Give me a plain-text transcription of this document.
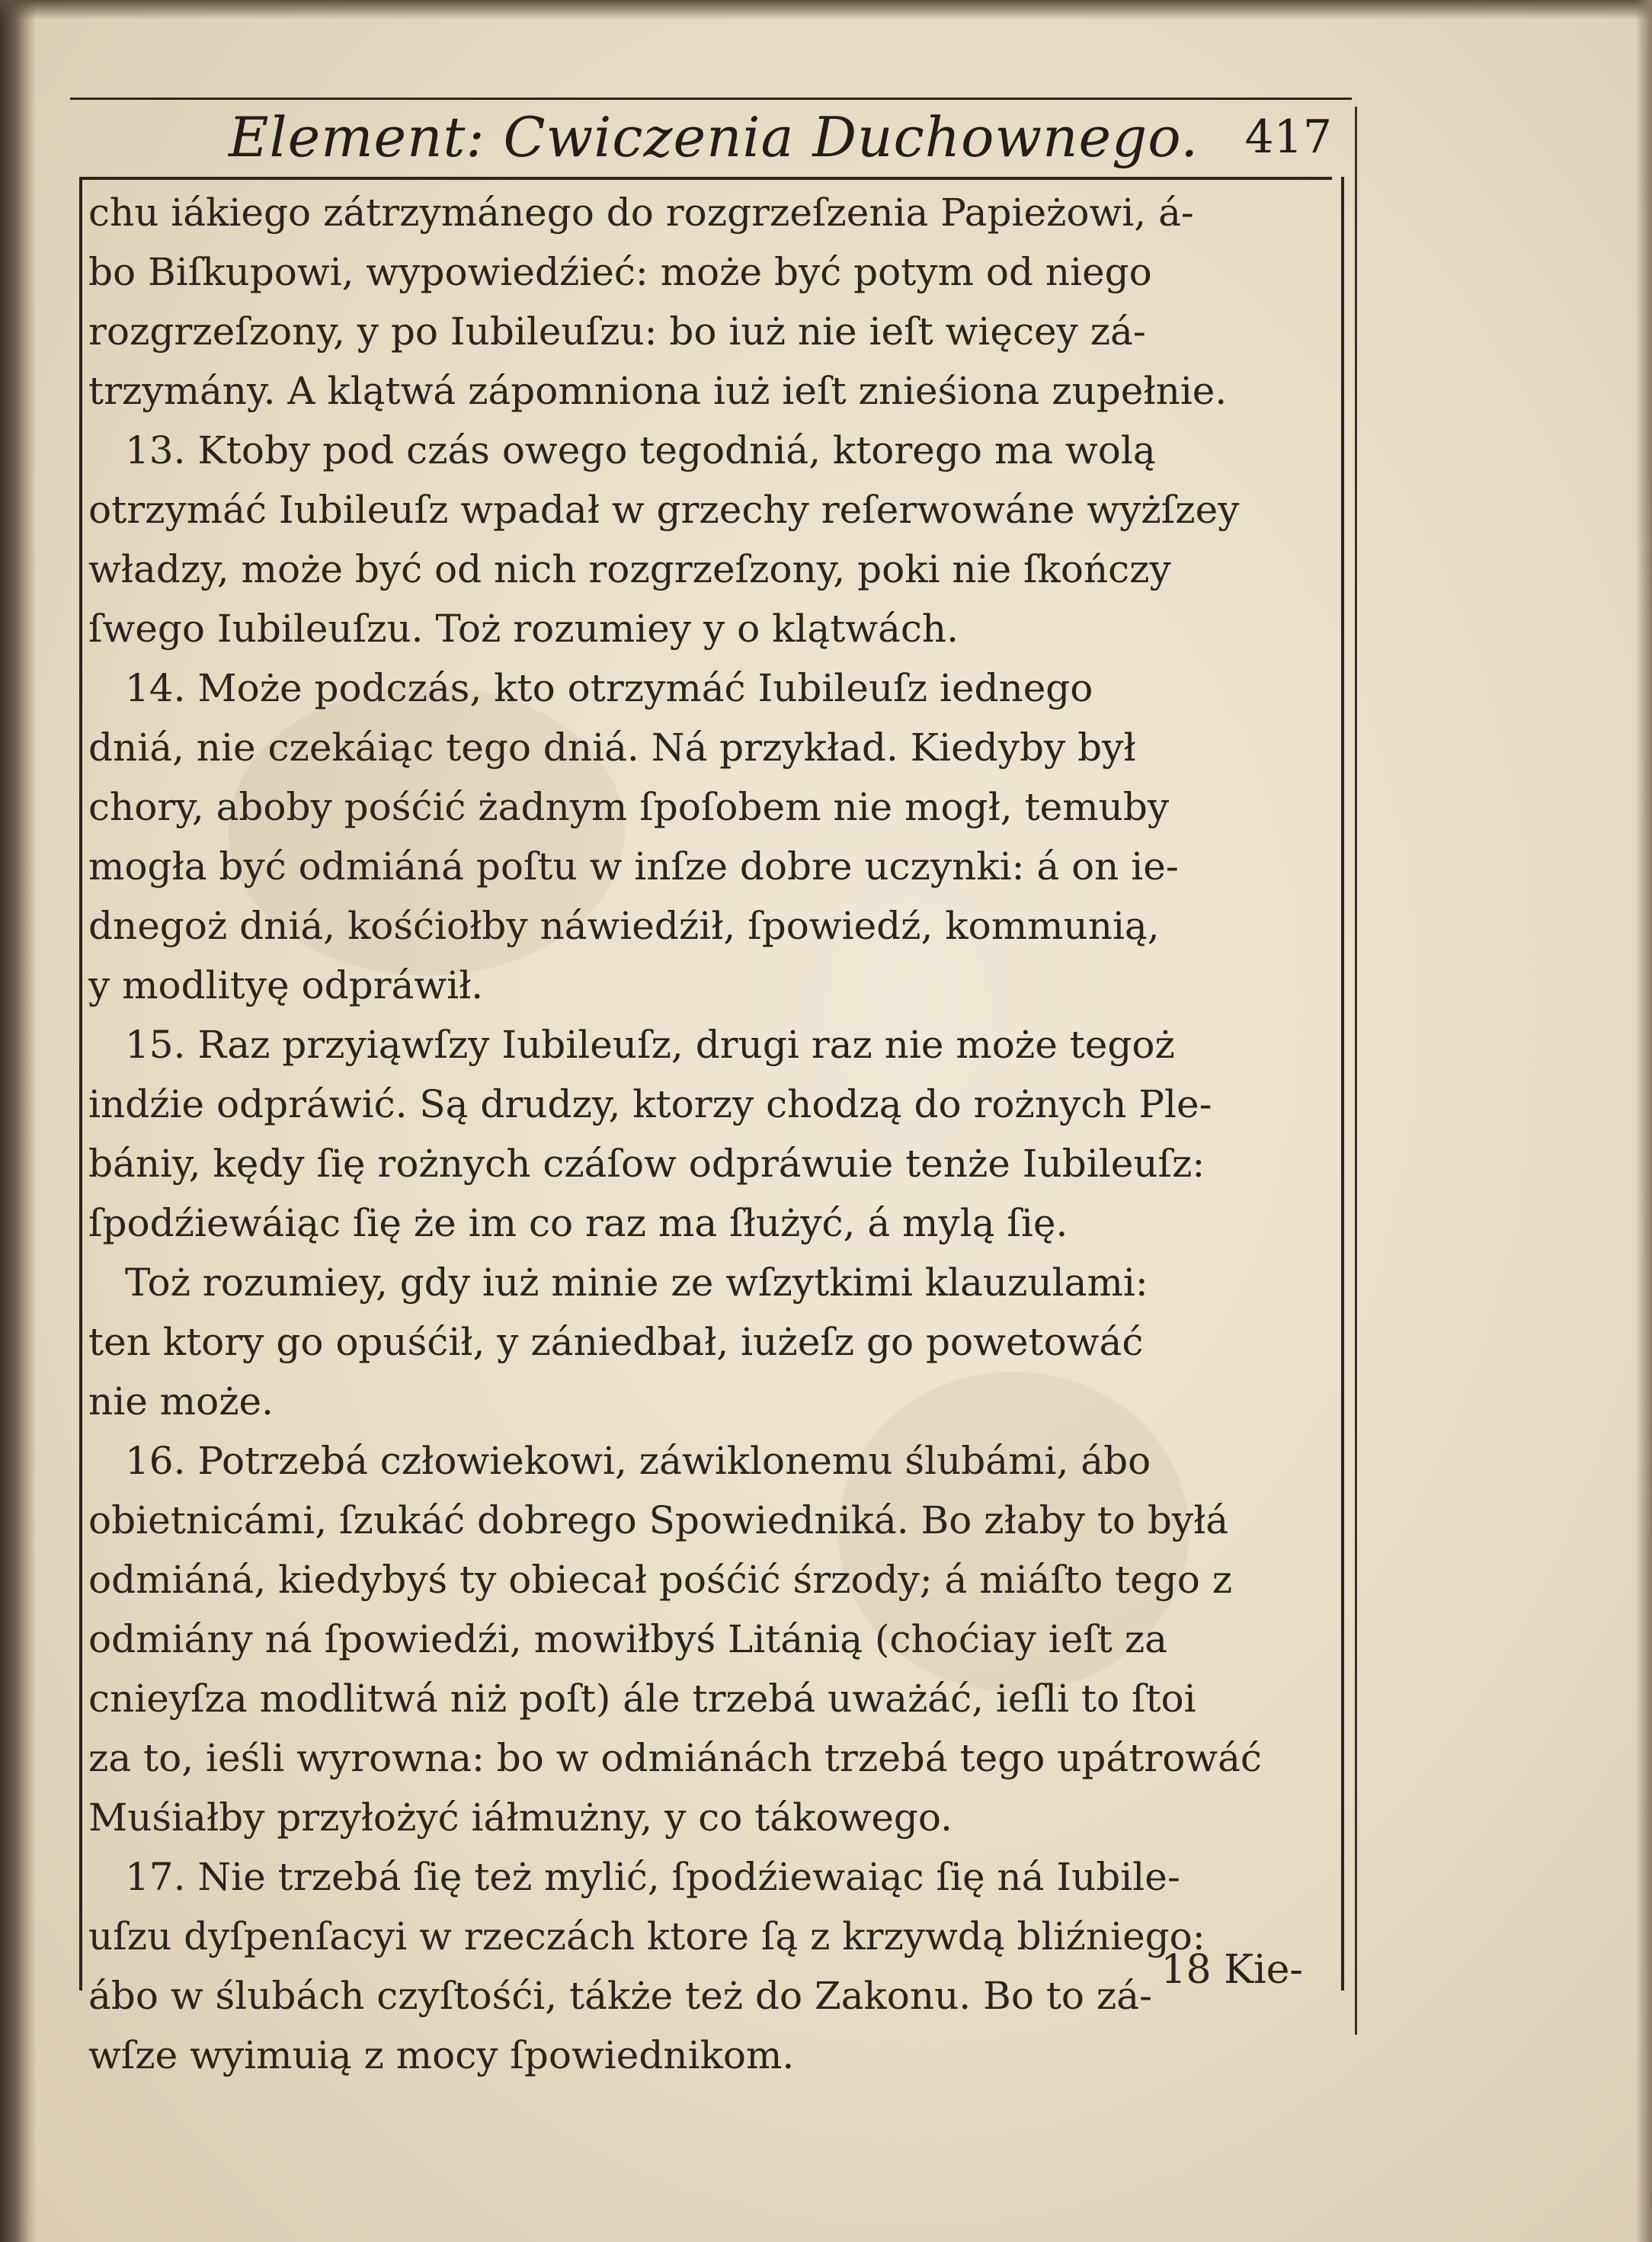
Element: Cwiczenia Duchownego.	417
chu iákiego zátrzymánego do rozgrzeſzenia Papieżowi, á-
bo Biſkupowi, wypowiedźieć: może być potym od niego
rozgrzeſzony, y po Iubileuſzu: bo iuż nie ieſt więcey zá-
trzymány. A klątwá zápomniona iuż ieſt znieśiona zupełnie.
13. Ktoby pod czás owego tegodniá, ktorego ma wolą
otrzymáć Iubileuſz wpadał w grzechy reſerwowáne wyżſzey
władzy, może być od nich rozgrzeſzony, poki nie ſkończy
ſwego Iubileuſzu. Toż rozumiey y o klątwách.
14. Może podczás, kto otrzymáć Iubileuſz iednego
dniá, nie czekáiąc tego dniá. Ná przykład. Kiedyby był
chory, aboby pośćić żadnym ſpoſobem nie mogł, temuby
mogła być odmiáná poſtu w inſze dobre uczynki: á on ie-
dnegoż dniá, kośćiołby náwiedźił, ſpowiedź, kommunią,
y modlityę odpráwił.
15. Raz przyiąwſzy Iubileuſz, drugi raz nie może tegoż
indźie odpráwić. Są drudzy, ktorzy chodzą do rożnych Ple-
bániy, kędy ſię rożnych czáſow odpráwuie tenże Iubileuſz:
ſpodźiewáiąc ſię że im co raz ma ſłużyć, á mylą ſię.
Toż rozumiey, gdy iuż minie ze wſzytkimi klauzulami:
ten ktory go opuśćił, y zániedbał, iużeſz go powetowáć
nie może.
16. Potrzebá człowiekowi, záwiklonemu ślubámi, ábo
obietnicámi, ſzukáć dobrego Spowiedniká. Bo złaby to byłá
odmiáná, kiedybyś ty obiecał pośćić śrzody; á miáſto tego z
odmiány ná ſpowiedźi, mowiłbyś Litánią (choćiay ieſt za
cnieyſza modlitwá niż poſt) ále trzebá uważáć, ieſli to ſtoi
za to, ieśli wyrowna: bo w odmiánách trzebá tego upátrowáć
Muśiałby przyłożyć iáłmużny, y co tákowego.
17. Nie trzebá ſię też mylić, ſpodźiewaiąc ſię ná Iubile-
uſzu dyſpenſacyi w rzeczách ktore ſą z krzywdą bliźniego:
ábo w ślubách czyſtośći, tákże też do Zakonu. Bo to zá-
wſze wyimuią z mocy ſpowiednikom.
18 Kie-
